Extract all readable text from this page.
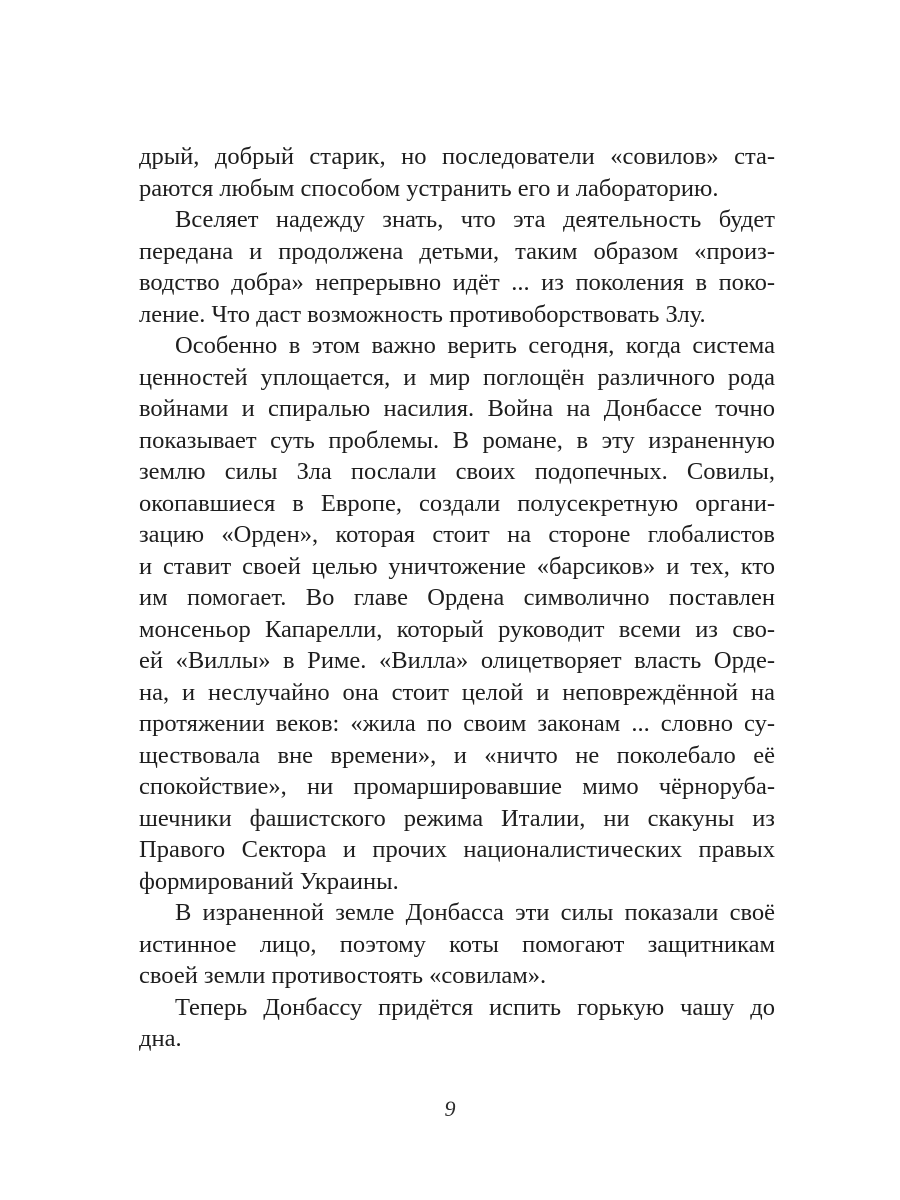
дрый, добрый старик, но последователи «совилов» ста-
раются любым способом устранить его и лабораторию.
Вселяет надежду знать, что эта деятельность будет
передана и продолжена детьми, таким образом «произ-
водство добра» непрерывно идёт ... из поколения в поко-
ление. Что даст возможность противоборствовать Злу.
Особенно в этом важно верить сегодня, когда система
ценностей уплощается, и мир поглощён различного рода
войнами и спиралью насилия. Война на Донбассе точно
показывает суть проблемы. В романе, в эту израненную
землю силы Зла послали своих подопечных. Совилы,
окопавшиеся в Европе, создали полусекретную органи-
зацию «Орден», которая стоит на стороне глобалистов
и ставит своей целью уничтожение «барсиков» и тех, кто
им помогает. Во главе Ордена символично поставлен
монсеньор Капарелли, который руководит всеми из сво-
ей «Виллы» в Риме. «Вилла» олицетворяет власть Орде-
на, и неслучайно она стоит целой и неповреждённой на
протяжении веков: «жила по своим законам ... словно су-
ществовала вне времени», и «ничто не поколебало её
спокойствие», ни промаршировавшие мимо чёрноруба-
шечники фашистского режима Италии, ни скакуны из
Правого Сектора и прочих националистических правых
формирований Украины.
В израненной земле Донбасса эти силы показали своё
истинное лицо, поэтому коты помогают защитникам
своей земли противостоять «совилам».
Теперь Донбассу придётся испить горькую чашу до
дна.
9
